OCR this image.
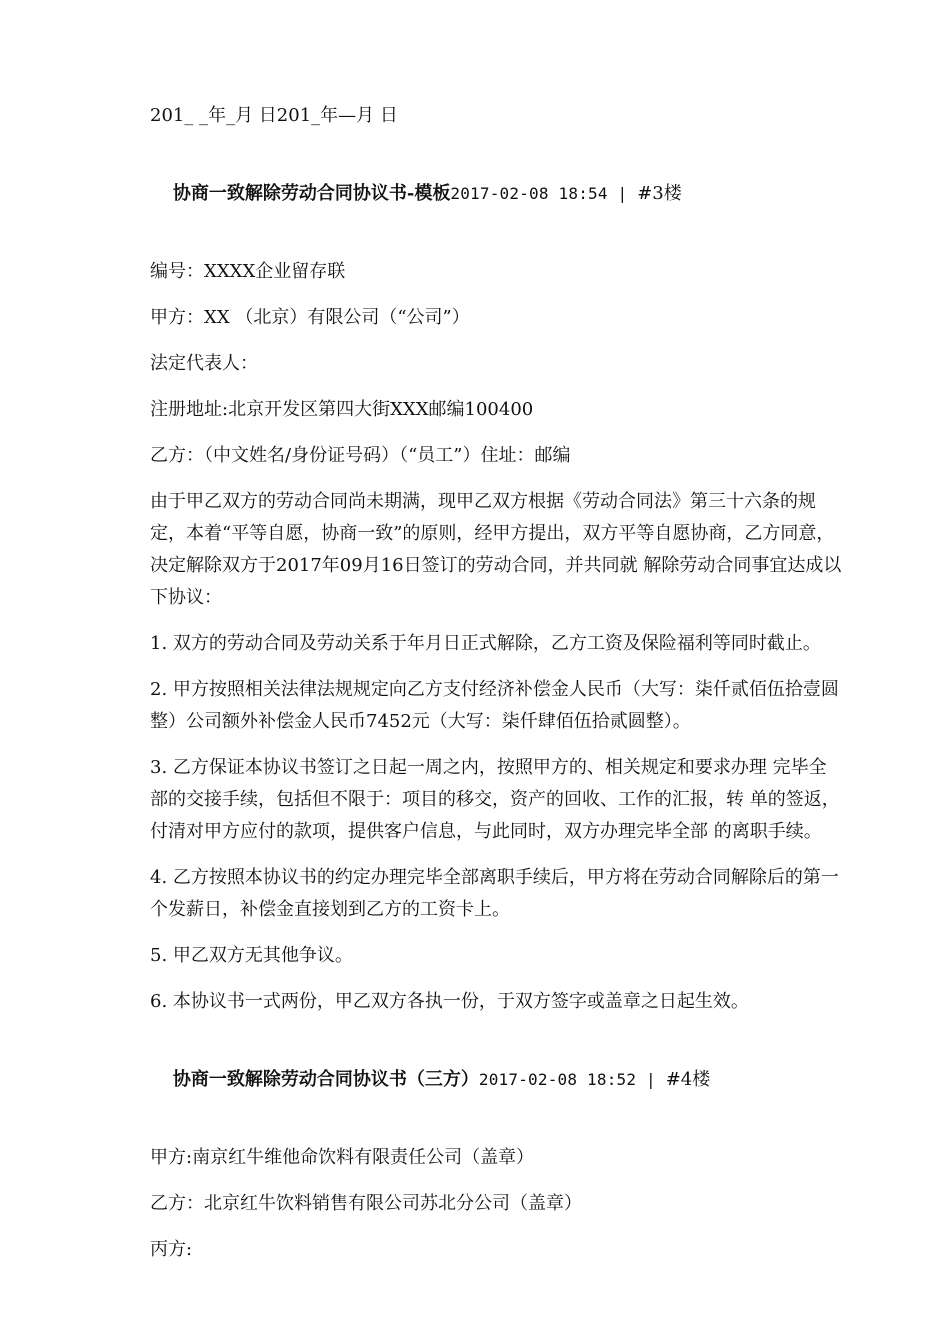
201_ _年_月 日201_年—月 日

协商一致解除劳动合同协议书-模板2017-02-08 18:54 | #3楼

编号：XXXX企业留存联

甲方：XX （北京）有限公司（“公司”）

法定代表人：

注册地址:北京开发区第四大街XXX邮编100400

乙方：（中文姓名/身份证号码）（“员工”）住址：邮编

由于甲乙双方的劳动合同尚未期满，现甲乙双方根据《劳动合同法》第三十六条的规定，本着“平等自愿，协商一致”的原则，经甲方提出，双方平等自愿协商，乙方同意，决定解除双方于2017年09月16日签订的劳动合同，并共同就 解除劳动合同事宜达成以下协议：

1. 双方的劳动合同及劳动关系于年月日正式解除，乙方工资及保险福利等同时截止。

2. 甲方按照相关法律法规规定向乙方支付经济补偿金人民币（大写：柒仟贰佰伍拾壹圆整）公司额外补偿金人民币7452元（大写：柒仟肆佰伍拾贰圆整）。

3. 乙方保证本协议书签订之日起一周之内，按照甲方的、相关规定和要求办理 完毕全部的交接手续，包括但不限于：项目的移交，资产的回收、工作的汇报，转 单的签返，付清对甲方应付的款项，提供客户信息，与此同时，双方办理完毕全部 的离职手续。

4. 乙方按照本协议书的约定办理完毕全部离职手续后，甲方将在劳动合同解除后的第一个发薪日，补偿金直接划到乙方的工资卡上。

5. 甲乙双方无其他争议。

6. 本协议书一式两份，甲乙双方各执一份，于双方签字或盖章之日起生效。

协商一致解除劳动合同协议书（三方）2017-02-08 18:52 | #4楼

甲方:南京红牛维他命饮料有限责任公司（盖章）

乙方：北京红牛饮料销售有限公司苏北分公司（盖章）

丙方:
